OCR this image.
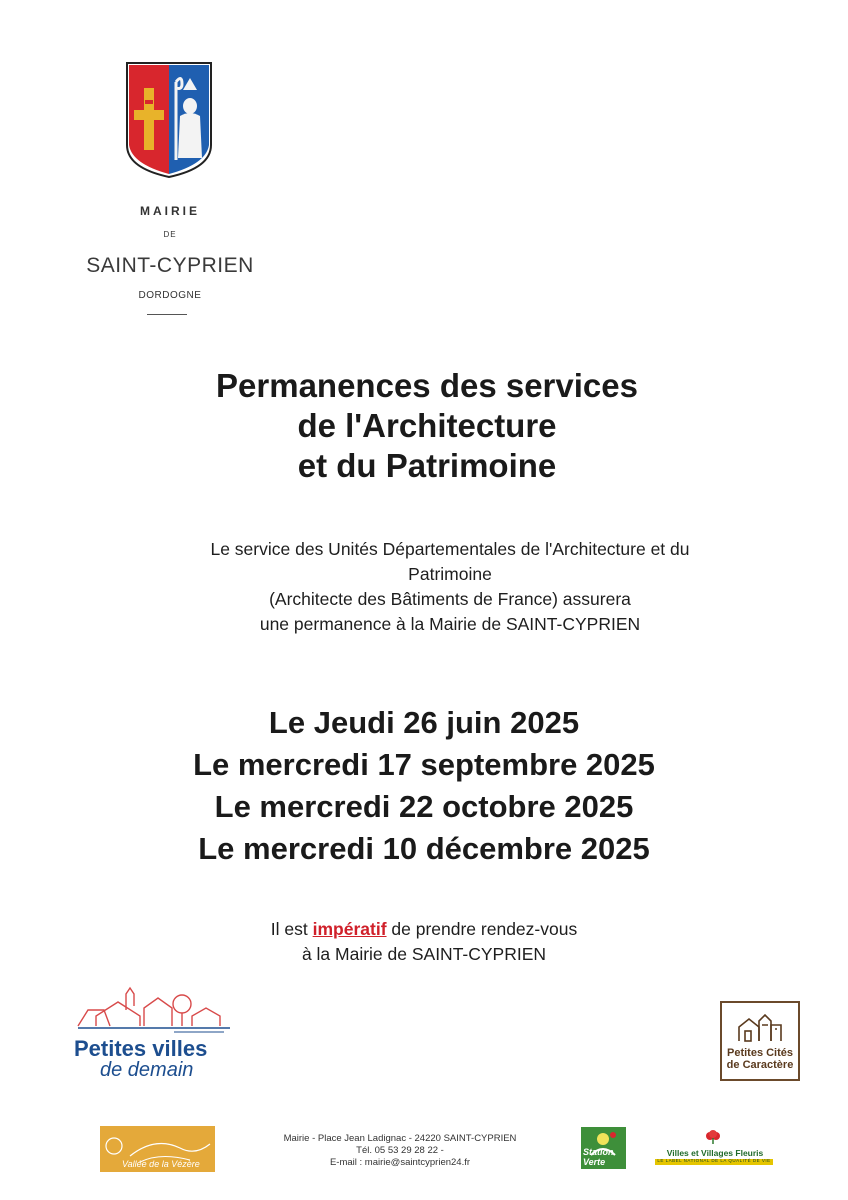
MAIRIE
DE
SAINT-CYPRIEN
DORDOGNE
Permanences des services
de l'Architecture
et du Patrimoine
Le service des Unités Départementales de l'Architecture et du
Patrimoine
(Architecte des Bâtiments de France) assurera
une permanence à la Mairie de SAINT-CYPRIEN
Le Jeudi 26 juin 2025
Le mercredi 17 septembre 2025
Le mercredi 22 octobre 2025
Le mercredi 10 décembre 2025
Il est impératif de prendre rendez-vous
à la Mairie de SAINT-CYPRIEN
Petites villes
de demain
Petites Cités
de Caractère
Vallée de la Vézère
Mairie - Place Jean Ladignac - 24220 SAINT-CYPRIEN
Tél. 05 53 29 28 22 -
E-mail : mairie@saintcyprien24.fr
Station Verte
Villes et Villages Fleuris
LE LABEL NATIONAL DE LA QUALITÉ DE VIE
